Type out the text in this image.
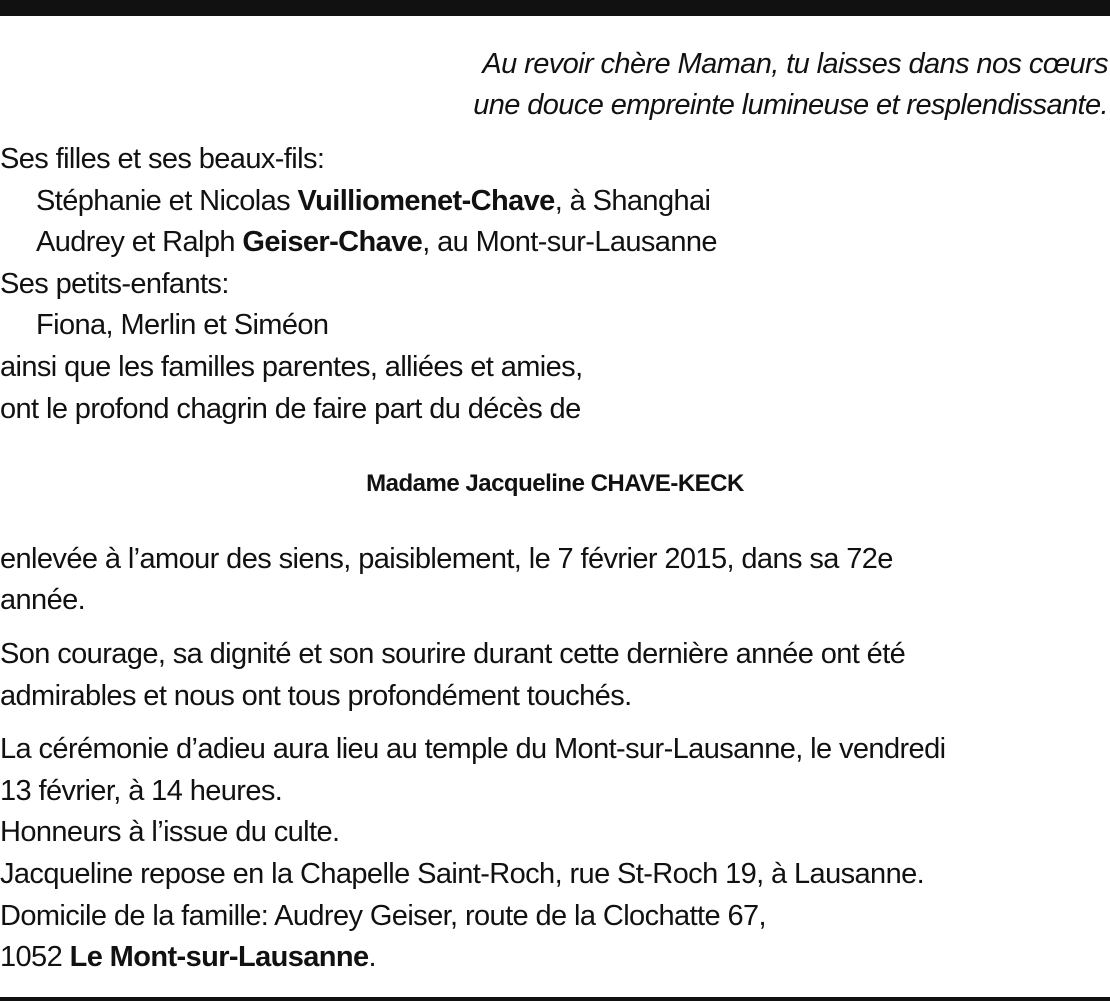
Au revoir chère Maman, tu laisses dans nos cœurs
une douce empreinte lumineuse et resplendissante.
Ses filles et ses beaux-fils:
Stéphanie et Nicolas Vuilliomenet-Chave, à Shanghai
Audrey et Ralph Geiser-Chave, au Mont-sur-Lausanne
Ses petits-enfants:
Fiona, Merlin et Siméon
ainsi que les familles parentes, alliées et amies,
ont le profond chagrin de faire part du décès de
Madame Jacqueline CHAVE-KECK
enlevée à l’amour des siens, paisiblement, le 7 février 2015, dans sa 72e
année.
Son courage, sa dignité et son sourire durant cette dernière année ont été
admirables et nous ont tous profondément touchés.
La cérémonie d’adieu aura lieu au temple du Mont-sur-Lausanne, le vendredi
13 février, à 14 heures.
Honneurs à l’issue du culte.
Jacqueline repose en la Chapelle Saint-Roch, rue St-Roch 19, à Lausanne.
Domicile de la famille: Audrey Geiser, route de la Clochatte 67,
1052 Le Mont-sur-Lausanne.
